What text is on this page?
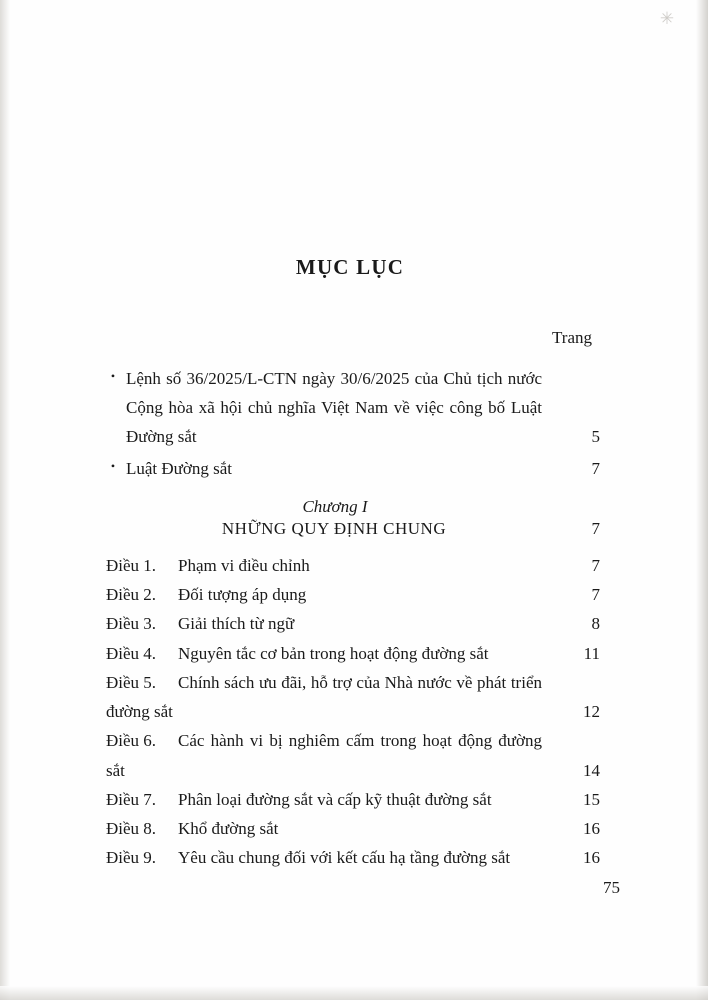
✳
MỤC LỤC
Trang
• Lệnh số 36/2025/L-CTN ngày 30/6/2025 của Chủ tịch nước Cộng hòa xã hội chủ nghĩa Việt Nam về việc công bố Luật Đường sắt	5
• Luật Đường sắt	7
Chương I
NHỮNG QUY ĐỊNH CHUNG	7
Điều 1. Phạm vi điều chỉnh	7
Điều 2. Đối tượng áp dụng	7
Điều 3. Giải thích từ ngữ	8
Điều 4. Nguyên tắc cơ bản trong hoạt động đường sắt	11
Điều 5. Chính sách ưu đãi, hỗ trợ của Nhà nước về phát triển đường sắt	12
Điều 6. Các hành vi bị nghiêm cấm trong hoạt động đường sắt	14
Điều 7. Phân loại đường sắt và cấp kỹ thuật đường sắt	15
Điều 8. Khổ đường sắt	16
Điều 9. Yêu cầu chung đối với kết cấu hạ tầng đường sắt	16
75
